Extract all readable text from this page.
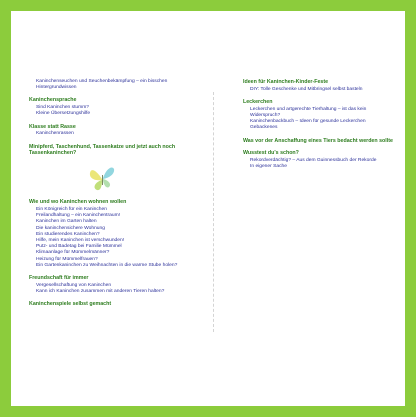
Kaninchenseuchen und Seuchenbekämpfung – ein bisschen Hintergrundwissen
Kaninchensprache
Sind Kaninchen stumm?
Kleine Übersetzungshilfe
Klasse statt Rasse
Kaninchenrassen
Minipferd, Taschenhund, Tassenkatze und jetzt auch noch Tassenkaninchen?
Wie und wo Kaninchen wohnen wollen
Ein Königreich für ein Kaninchen
Freilandhaltung – ein Kaninchentraum!
Kaninchen im Garten halten
Die kaninchensichere Wohnung
Ein studierendes Kaninchen?
Hilfe, mein Kaninchen ist verschwunden!
Putz- und Badetag bei Familie Mümmel
Klimaanlage für Mümmelmänner?
Heizung für Mümmelfrauen?
Ein Gartenkaninchen zu Weihnachten in die warme Stube holen?
Freundschaft für immer
Vergesellschaftung von Kaninchen
Kann ich Kaninchen zusammen mit anderen Tieren halten?
Kaninchenspiele selbst gemacht
Ideen für Kaninchen-Kinder-Feste
DIY: Tolle Geschenke und Mitbringsel selbst basteln
Leckerchen
Leckerchen und artgerechte Tierhaltung – ist das kein Widerspruch?
Kaninchenbackbuch – Ideen für gesunde Leckerchen
Gebackenes
Was vor der Anschaffung eines Tiers bedacht werden sollte
Wusstest du's schon?
Rekordverdächtig? – Aus dem Guinnessbuch der Rekorde
In eigener Sache
